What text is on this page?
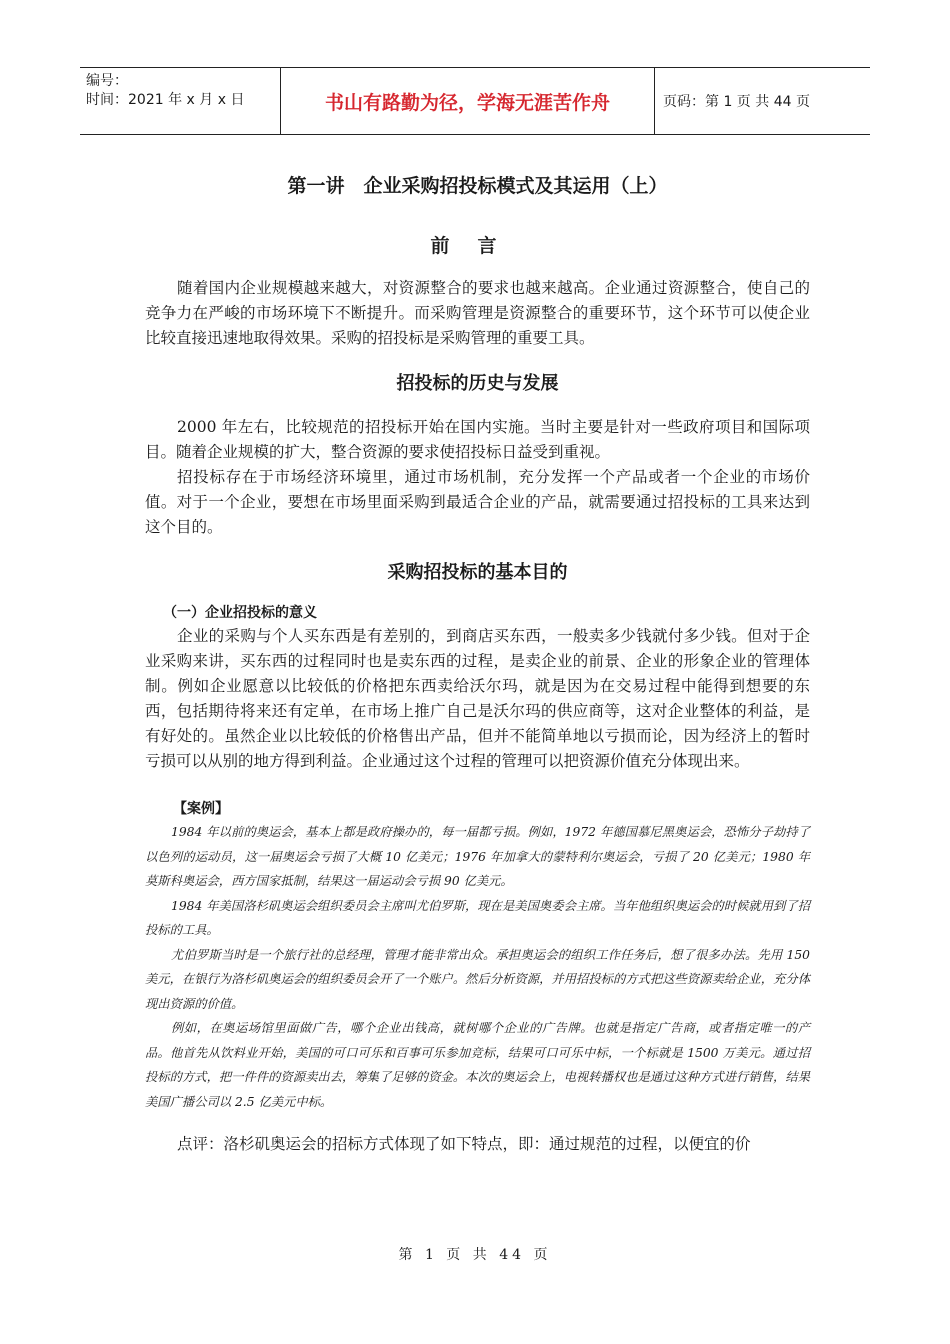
编号：
时间：2021 年 x 月 x 日	书山有路勤为径，学海无涯苦作舟	页码：第 1 页 共 44 页
第一讲　企业采购招投标模式及其运用（上）
前言

随着国内企业规模越来越大，对资源整合的要求也越来越高。企业通过资源整合，使自己的竞争力在严峻的市场环境下不断提升。而采购管理是资源整合的重要环节，这个环节可以使企业比较直接迅速地取得效果。采购的招投标是采购管理的重要工具。

招投标的历史与发展

2000 年左右，比较规范的招投标开始在国内实施。当时主要是针对一些政府项目和国际项目。随着企业规模的扩大，整合资源的要求使招投标日益受到重视。

招投标存在于市场经济环境里，通过市场机制，充分发挥一个产品或者一个企业的市场价值。对于一个企业，要想在市场里面采购到最适合企业的产品，就需要通过招投标的工具来达到这个目的。

采购招投标的基本目的
（一）企业招投标的意义

企业的采购与个人买东西是有差别的，到商店买东西，一般卖多少钱就付多少钱。但对于企业采购来讲，买东西的过程同时也是卖东西的过程，是卖企业的前景、企业的形象企业的管理体制。例如企业愿意以比较低的价格把东西卖给沃尔玛，就是因为在交易过程中能得到想要的东西，包括期待将来还有定单，在市场上推广自己是沃尔玛的供应商等，这对企业整体的利益，是有好处的。虽然企业以比较低的价格售出产品，但并不能简单地以亏损而论，因为经济上的暂时亏损可以从别的地方得到利益。企业通过这个过程的管理可以把资源价值充分体现出来。

【案例】

1984 年以前的奥运会，基本上都是政府操办的，每一届都亏损。例如，1972 年德国慕尼黑奥运会，恐怖分子劫持了以色列的运动员，这一届奥运会亏损了大概 10 亿美元；1976 年加拿大的蒙特利尔奥运会，亏损了 20 亿美元；1980 年莫斯科奥运会，西方国家抵制，结果这一届运动会亏损 90 亿美元。

1984 年美国洛杉矶奥运会组织委员会主席叫尤伯罗斯，现在是美国奥委会主席。当年他组织奥运会的时候就用到了招投标的工具。

尤伯罗斯当时是一个旅行社的总经理，管理才能非常出众。承担奥运会的组织工作任务后，想了很多办法。先用 150 美元，在银行为洛杉矶奥运会的组织委员会开了一个账户。然后分析资源，并用招投标的方式把这些资源卖给企业，充分体现出资源的价值。

例如，在奥运场馆里面做广告，哪个企业出钱高，就树哪个企业的广告牌。也就是指定广告商，或者指定唯一的产品。他首先从饮料业开始，美国的可口可乐和百事可乐参加竞标，结果可口可乐中标，一个标就是 1500 万美元。通过招投标的方式，把一件件的资源卖出去，筹集了足够的资金。本次的奥运会上，电视转播权也是通过这种方式进行销售，结果美国广播公司以 2.5 亿美元中标。

点评：洛杉矶奥运会的招标方式体现了如下特点，即：通过规范的过程，以便宜的价

第 1 页 共 44 页
